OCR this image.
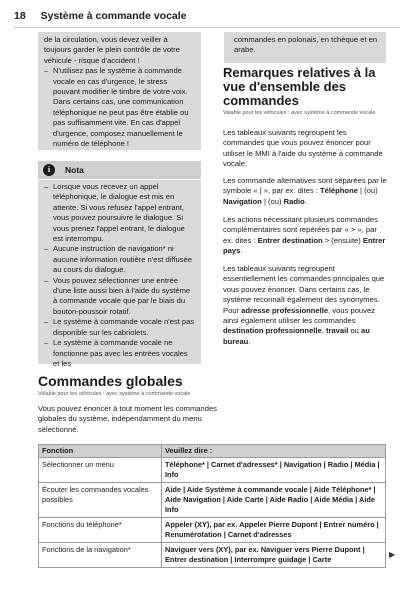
18 Système à commande vocale

de la circulation, vous devez veiller à toujours garder le plein contrôle de votre véhicule - risque d'accident !

– N'utilisez pas le système à commande vocale en cas d'urgence, le stress pouvant modifier le timbre de votre voix. Dans certains cas, une communication téléphonique ne peut pas être établie ou pas suffisamment vite. En cas d'appel d'urgence, composez manuellement le numéro de téléphone !
i	Nota
– Lorsque vous recevez un appel téléphonique, le dialogue est mis en attente. Si vous refusez l'appel entrant, vous pouvez poursuivre le dialogue. Si vous prenez l'appel entrant, le dialogue est interrompu.
– Aucune instruction de navigation* ni aucune information routière n'est diffusée au cours du dialogue.
– Vous pouvez sélectionner une entrée d'une liste aussi bien à l'aide du système à commande vocale que par le biais du bouton-poussoir rotatif.
– Le système à commande vocale n'est pas disponible sur les cabriolets.
– Le système à commande vocale ne fonctionne pas avec les entrées vocales et les
commandes en polonais, en tchèque et en arabe.
Remarques relatives à la vue d'ensemble des commandes
Valable pour les véhicules : avec système à commande vocale

Les tableaux suivants regroupent les commandes que vous pouvez énoncer pour utiliser le MMI à l'aide du système à commande vocale.

Les commande alternatives sont séparées par le symbole « | », par ex. dites : Téléphone | (ou) Navigation | (ou) Radio.

Les actions nécessitant plusieurs commandes complémentaires sont repérées par « > », par ex. dites : Entrer destination > (ensuite) Entrer pays.

Les tableaux suivants regroupent essentiellement les commandes principales que vous pouvez énoncer. Dans certains cas, le système reconnaît également des synonymes. Pour adresse professionnelle, vous pouvez ainsi également utiliser les commandes destination professionnelle, travail ou au bureau.

Commandes globales
Valable pour les véhicules : avec système à commande vocale

Vous pouvez énoncer à tout moment les commandes globales du système, indépendamment du menu sélectionné.

Fonction	Veuillez dire :
Sélectionner un menu	Téléphone* | Carnet d'adresses* | Navigation | Radio | Média | Info
Écouter les commandes vocales possibles	Aide | Aide Système à commande vocale | Aide Téléphone* | Aide Navigation | Aide Carte | Aide Radio | Aide Média | Aide Info
Fonctions du téléphone*	Appeler (XY), par ex. Appeler Pierre Dupont | Entrer numéro | Renumérotation | Carnet d'adresses
Fonctions de la navigation*	Naviguer vers (XY), par ex. Naviguer vers Pierre Dupont | Entrer destination | Interrompre guidage | Carte
▶
